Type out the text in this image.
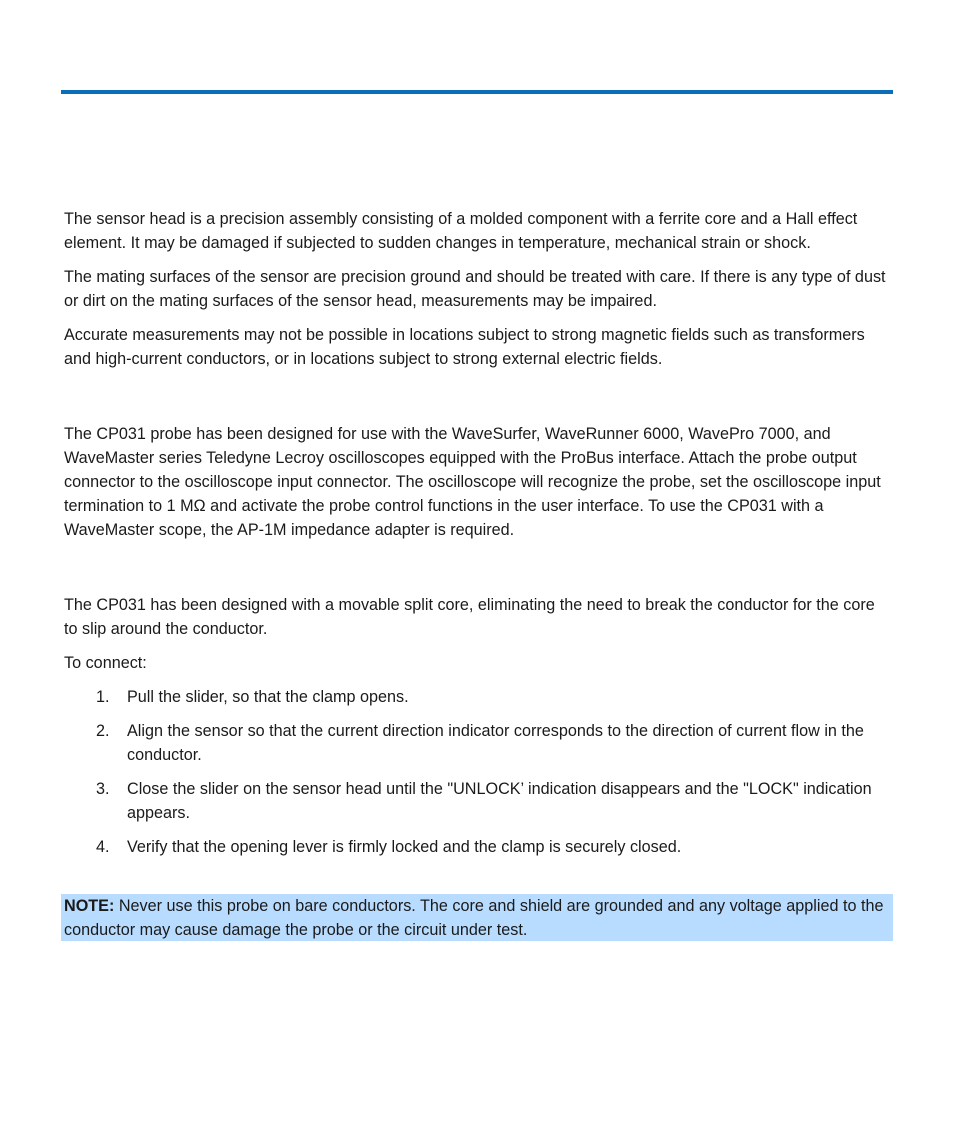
The sensor head is a precision assembly consisting of a molded component with a ferrite core and a Hall effect element. It may be damaged if subjected to sudden changes in temperature, mechanical strain or shock.

The mating surfaces of the sensor are precision ground and should be treated with care. If there is any type of dust or dirt on the mating surfaces of the sensor head, measurements may be impaired.

Accurate measurements may not be possible in locations subject to strong magnetic fields such as transformers and high-current conductors, or in locations subject to strong external electric fields.

The CP031 probe has been designed for use with the WaveSurfer, WaveRunner 6000, WavePro 7000, and WaveMaster series Teledyne Lecroy oscilloscopes equipped with the ProBus interface. Attach the probe output connector to the oscilloscope input connector. The oscilloscope will recognize the probe, set the oscilloscope input termination to 1 MΩ and activate the probe control functions in the user interface. To use the CP031 with a WaveMaster scope, the AP-1M impedance adapter is required.

The CP031 has been designed with a movable split core, eliminating the need to break the conductor for the core to slip around the conductor.

To connect:

1. Pull the slider, so that the clamp opens.
2. Align the sensor so that the current direction indicator corresponds to the direction of current flow in the conductor.
3. Close the slider on the sensor head until the "UNLOCK’ indication disappears and the "LOCK" indication appears.
4. Verify that the opening lever is firmly locked and the clamp is securely closed.
NOTE: Never use this probe on bare conductors. The core and shield are grounded and any voltage applied to the conductor may cause damage the probe or the circuit under test.
